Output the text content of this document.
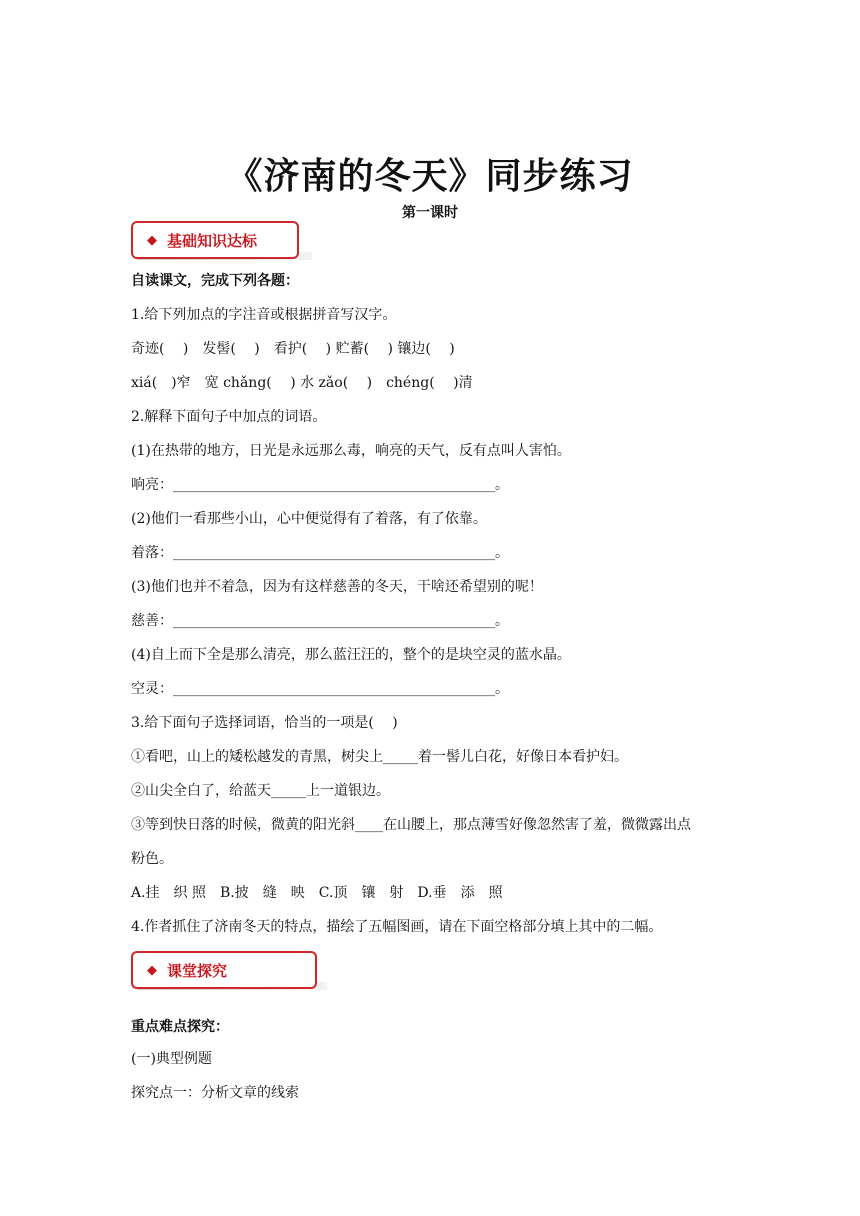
《济南的冬天》同步练习
第一课时
◆ 基础知识达标
自读课文，完成下列各题：
1.给下列加点的字注音或根据拼音写汉字。
奇迹(　 )　发髻(　 )　看护(　 ) 贮蓄(　 ) 镶边(　 )
xiá(　)窄　宽 chǎng(　 ) 水 zǎo(　 )　chéng(　 )清
2.解释下面句子中加点的词语。
(1)在热带的地方，日光是永远那么毒，响亮的天气，反有点叫人害怕。
响亮：______________________________________________。
(2)他们一看那些小山，心中便觉得有了着落，有了依靠。
着落：______________________________________________。
(3)他们也并不着急，因为有这样慈善的冬天，干啥还希望别的呢！
慈善：______________________________________________。
(4)自上而下全是那么清亮，那么蓝汪汪的，整个的是块空灵的蓝水晶。
空灵：______________________________________________。
3.给下面句子选择词语，恰当的一项是(　 )
①看吧，山上的矮松越发的青黑，树尖上_____着一髻儿白花，好像日本看护妇。
②山尖全白了，给蓝天_____上一道银边。
③等到快日落的时候，微黄的阳光斜____在山腰上，那点薄雪好像忽然害了羞，微微露出点
粉色。
A.挂　织 照　B.披　缝　映　C.顶　镶　射　D.垂　添　照
4.作者抓住了济南冬天的特点，描绘了五幅图画，请在下面空格部分填上其中的二幅。
◆ 课堂探究
重点难点探究：
(一)典型例题
探究点一：分析文章的线索
